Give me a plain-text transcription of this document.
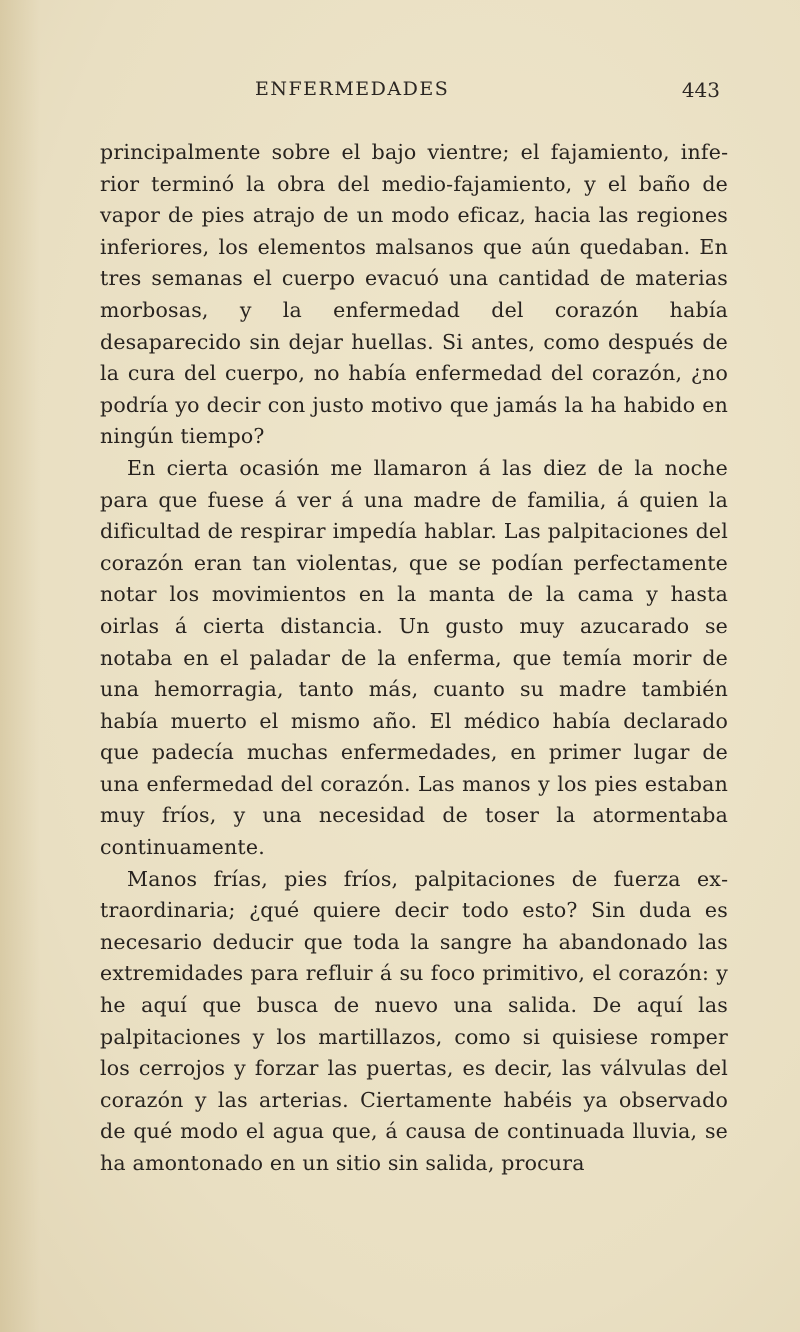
ENFERMEDADES	443

principalmente sobre el bajo vientre; el fajamiento, inferior terminó la obra del medio-fajamiento, y el baño de vapor de pies atrajo de un modo eficaz, hacia las regiones inferiores, los elementos malsanos que aún quedaban. En tres semanas el cuerpo evacuó una cantidad de materias morbosas, y la enfermedad del corazón había desaparecido sin dejar huellas. Si antes, como después de la cura del cuerpo, no había enfermedad del corazón, ¿no podría yo decir con justo motivo que jamás la ha habido en ningún tiempo?

En cierta ocasión me llamaron á las diez de la noche para que fuese á ver á una madre de familia, á quien la dificultad de respirar impedía hablar. Las palpitaciones del corazón eran tan violentas, que se podían perfectamente notar los movimientos en la manta de la cama y hasta oirlas á cierta distancia. Un gusto muy azucarado se notaba en el paladar de la enferma, que temía morir de una hemorragia, tanto más, cuanto su madre también había muerto el mismo año. El médico había declarado que padecía muchas enfermedades, en primer lugar de una enfermedad del corazón. Las manos y los pies estaban muy fríos, y una necesidad de toser la atormentaba continuamente.

Manos frías, pies fríos, palpitaciones de fuerza extraordinaria; ¿qué quiere decir todo esto? Sin duda es necesario deducir que toda la sangre ha abandonado las extremidades para refluir á su foco primitivo, el corazón: y he aquí que busca de nuevo una salida. De aquí las palpitaciones y los martillazos, como si quisiese romper los cerrojos y forzar las puertas, es decir, las válvulas del corazón y las arterias. Ciertamente habéis ya observado de qué modo el agua que, á causa de continuada lluvia, se ha amontonado en un sitio sin salida, procura
